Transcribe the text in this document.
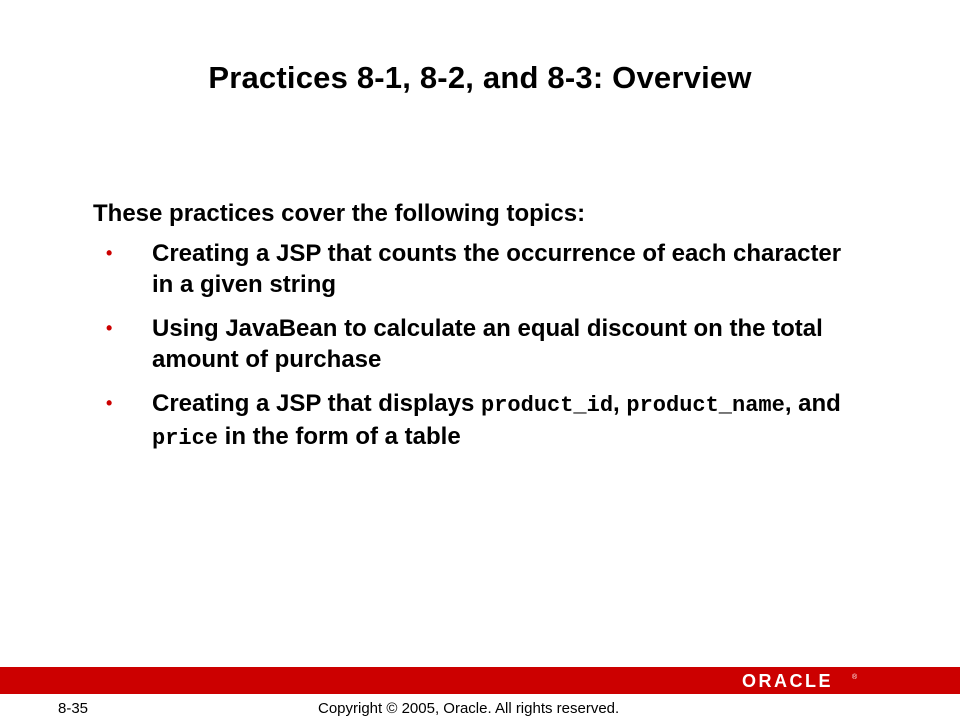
Practices 8-1, 8-2, and 8-3: Overview
These practices cover the following topics:
• Creating a JSP that counts the occurrence of each character in a given string
• Using JavaBean to calculate an equal discount on the total amount of purchase
• Creating a JSP that displays product_id, product_name, and price in the form of a table
ORACLE	®
8-35	Copyright © 2005, Oracle. All rights reserved.
